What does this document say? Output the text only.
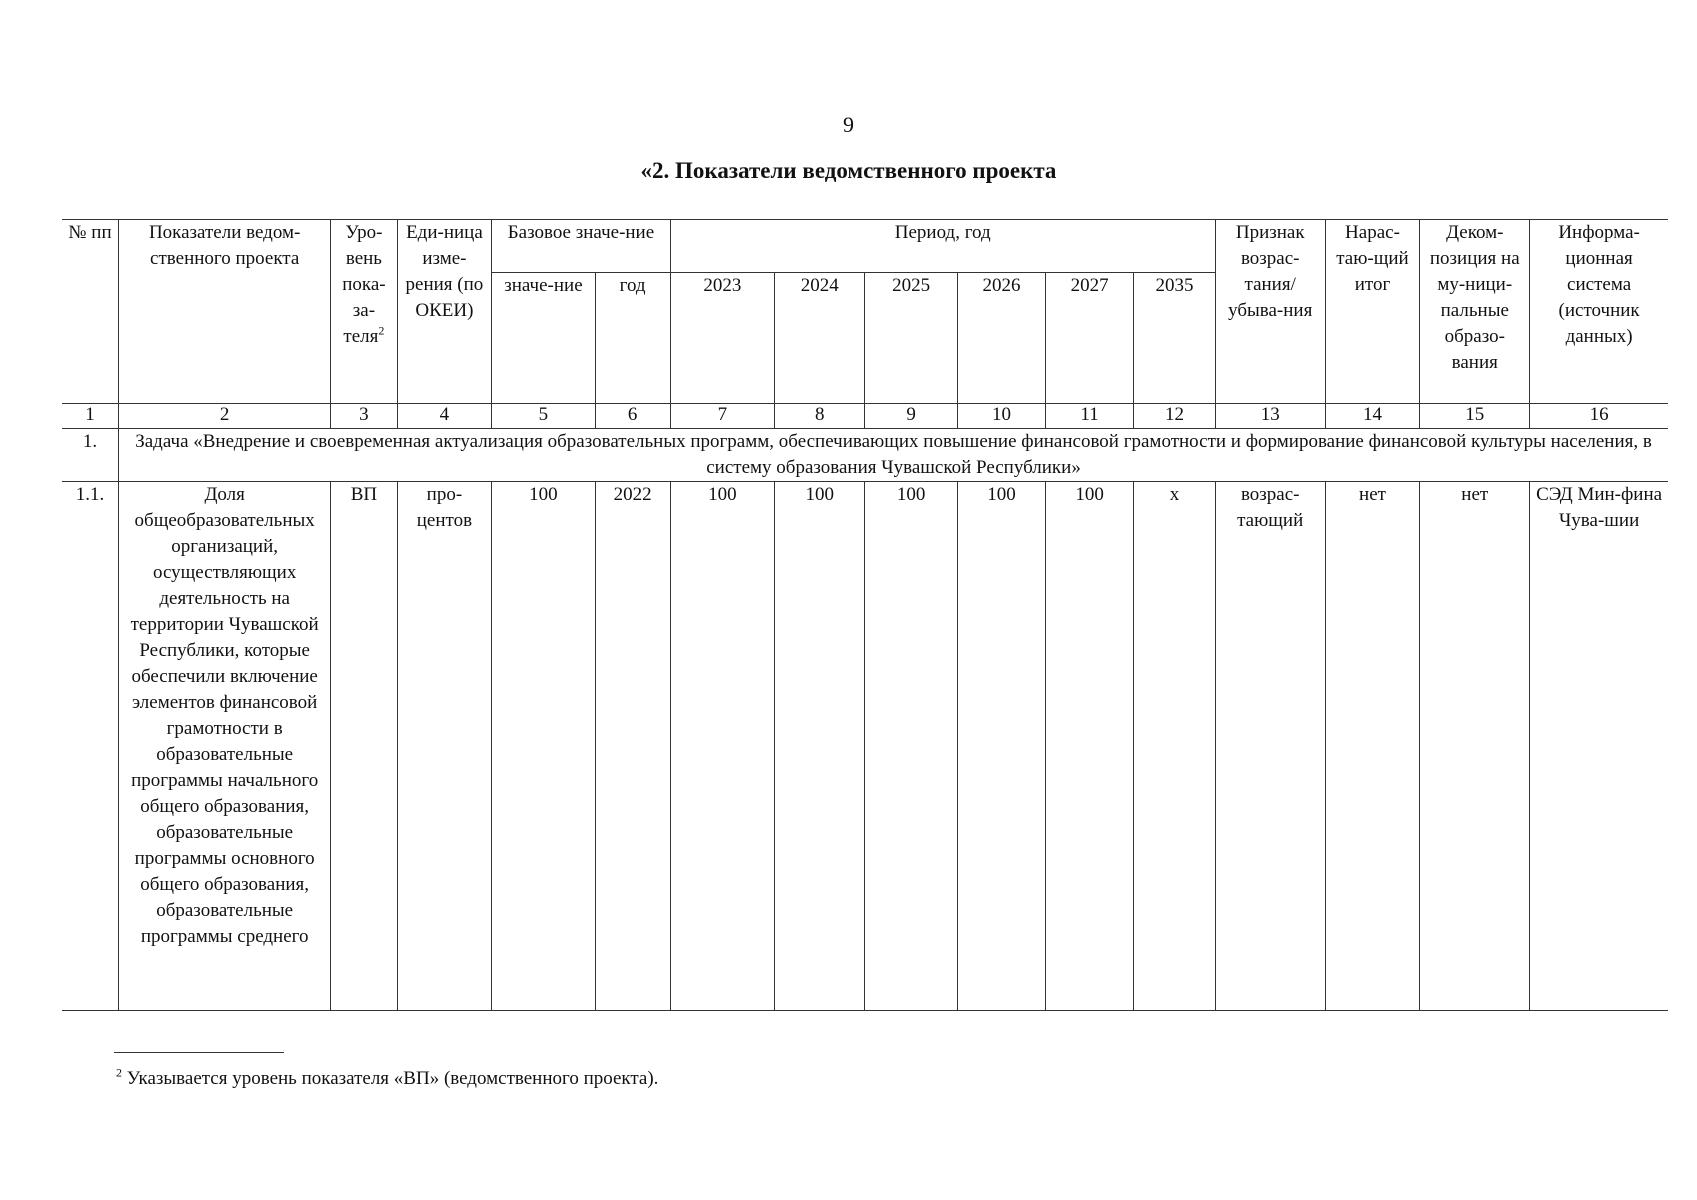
9
«2. Показатели ведомственного проекта
№ пп	Показатели ведом-ственного проекта	Уро-вень пока-за-теля$^2$	Еди-ница изме-рения (по ОКЕИ)	Базовое значе-ние		Период, год						Признак возрас-тания/ убыва-ния	Нарас-таю-щий итог	Деком-позиция на му-ници-пальные образо-вания	Информа-ционная система (источник данных)
				значе-ние	год	2023	2024	2025	2026	2027	2035				
1	2	3	4	5	6	7	8	9	10	11	12	13	14	15	16
1.	Задача «Внедрение и своевременная актуализация образовательных программ, обеспечивающих повышение финансовой грамотности и формирование финансовой культуры населения, в систему образования Чувашской Республики»														
1.1.	Доля общеобразовательных организаций, осуществляющих деятельность на территории Чувашской Республики, которые обеспечили включение элементов финансовой грамотности в образовательные программы начального общего образования, образовательные программы основного общего образования, образовательные программы среднего	ВП	про-центов	100	2022	100	100	100	100	100	х	возрас-тающий	нет	нет	СЭД Мин-фина Чува-шии
$^2$ Указывается уровень показателя «ВП» (ведомственного проекта).
